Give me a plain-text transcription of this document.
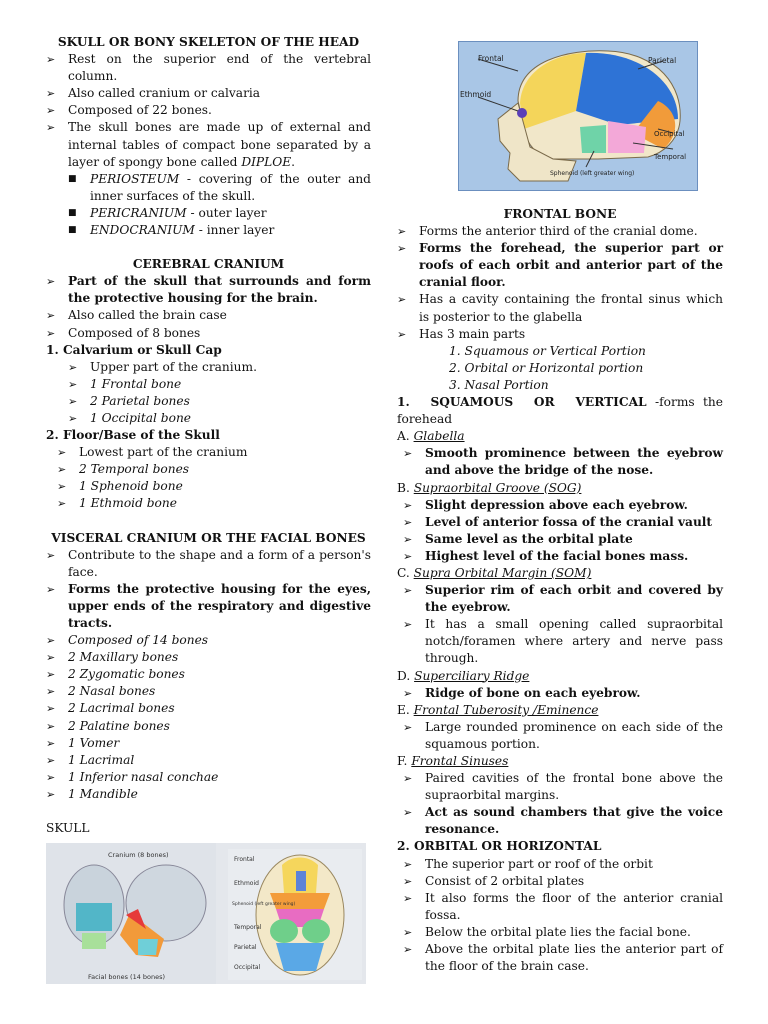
SKULL OR BONY SKELETON OF THE HEAD

➢	Rest on the superior end of the vertebral column.
➢	Also called cranium or calvaria
➢	Composed of 22 bones.
➢	The skull bones are made up of external and internal tables of compact bone separated by a layer of spongy bone called DIPLOE.
■	PERIOSTEUM - covering of the outer and inner surfaces of the skull.
■	PERICRANIUM - outer layer
■	ENDOCRANIUM - inner layer

CEREBRAL CRANIUM

➢	Part of the skull that surrounds and form the protective housing for the brain.
➢	Also called the brain case
➢	Composed of 8 bones

1. Calvarium or Skull Cap

➢	Upper part of the cranium.
➢	1 Frontal bone
➢	2 Parietal bones
➢	1 Occipital bone

2. Floor/Base of the Skull

➢	Lowest part of the cranium
➢	2 Temporal bones
➢	1 Sphenoid bone
➢	1 Ethmoid bone

VISCERAL CRANIUM OR THE FACIAL BONES

➢	Contribute to the shape and a form of a person's face.
➢	Forms the protective housing for the eyes, upper ends of the respiratory and digestive tracts.
➢	Composed of 14 bones
➢	2 Maxillary bones
➢	2 Zygomatic bones
➢	2 Nasal bones
➢	2 Lacrimal bones
➢	2 Palatine bones
➢	1 Vomer
➢	1 Lacrimal
➢	1 Inferior nasal conchae
➢	1 Mandible

SKULL

FRONTAL BONE

➢	Forms the anterior third of the cranial dome.
➢	Forms the forehead, the superior part or roofs of each orbit and anterior part of the cranial floor.
➢	Has a cavity containing the frontal sinus which is posterior to the glabella
➢	Has 3 main parts

1. Squamous or Vertical Portion

2. Orbital or Horizontal portion

3. Nasal Portion

1. SQUAMOUS OR VERTICAL -forms the forehead

A. Glabella

➢	Smooth prominence between the eyebrow and above the bridge of the nose.

B. Supraorbital Groove (SOG)

➢	Slight depression above each eyebrow.
➢	Level of anterior fossa of the cranial vault
➢	Same level as the orbital plate
➢	Highest level of the facial bones mass.

C. Supra Orbital Margin (SOM)

➢	Superior rim of each orbit and covered by the eyebrow.
➢	It has a small opening called supraorbital notch/foramen where artery and nerve pass through.

D. Superciliary Ridge

➢	Ridge of bone on each eyebrow.

E. Frontal Tuberosity /Eminence

➢	Large rounded prominence on each side of the squamous portion.

F. Frontal Sinuses

➢	Paired cavities of the frontal bone above the supraorbital margins.
➢	Act as sound chambers that give the voice resonance.

2. ORBITAL OR HORIZONTAL

➢	The superior part or roof of the orbit
➢	Consist of 2 orbital plates
➢	It also forms the floor of the anterior cranial fossa.
➢	Below the orbital plate lies the facial bone.
➢	Above the orbital plate lies the anterior part of the floor of the brain case.
Frontal	Parietal
Ethmoid
Occipital
Temporal
Sphenoid (left greater wing)
Cranium (8 bones)
Facial bones (14 bones)
Frontal
Ethmoid
Sphenoid (left greater wing)
Temporal
Parietal
Occipital
